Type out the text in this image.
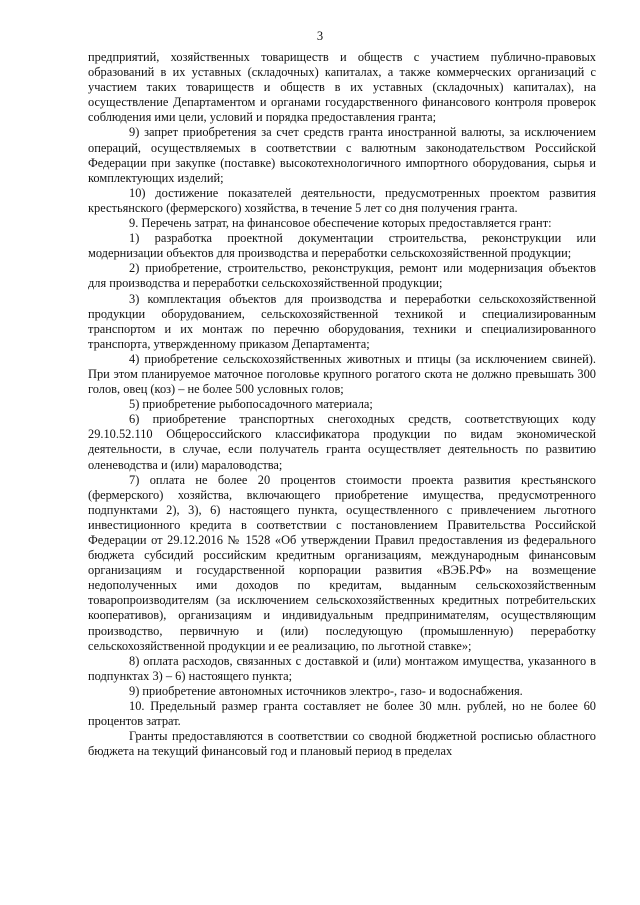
3

предприятий, хозяйственных товариществ и обществ с участием публично-правовых образований в их уставных (складочных) капиталах, а также коммерческих организаций с участием таких товариществ и обществ в их уставных (складочных) капиталах), на осуществление Департаментом и органами государственного финансового контроля проверок соблюдения ими цели, условий и порядка предоставления гранта;

9) запрет приобретения за счет средств гранта иностранной валюты, за исключением операций, осуществляемых в соответствии с валютным законодательством Российской Федерации при закупке (поставке) высокотехнологичного импортного оборудования, сырья и комплектующих изделий;

10) достижение показателей деятельности, предусмотренных проектом развития крестьянского (фермерского) хозяйства, в течение 5 лет со дня получения гранта.

9. Перечень затрат, на финансовое обеспечение которых предоставляется грант:

1) разработка проектной документации строительства, реконструкции или модернизации объектов для производства и переработки сельскохозяйственной продукции;

2) приобретение, строительство, реконструкция, ремонт или модернизация объектов для производства и переработки сельскохозяйственной продукции;

3) комплектация объектов для производства и переработки сельскохозяйственной продукции оборудованием, сельскохозяйственной техникой и специализированным транспортом и их монтаж по перечню оборудования, техники и специализированного транспорта, утвержденному приказом Департамента;

4) приобретение сельскохозяйственных животных и птицы (за исключением свиней). При этом планируемое маточное поголовье крупного рогатого скота не должно превышать 300 голов, овец (коз) – не более 500 условных голов;

5) приобретение рыбопосадочного материала;

6) приобретение транспортных снегоходных средств, соответствующих коду 29.10.52.110 Общероссийского классификатора продукции по видам экономической деятельности, в случае, если получатель гранта осуществляет деятельность по развитию оленеводства и (или) мараловодства;

7) оплата не более 20 процентов стоимости проекта развития крестьянского (фермерского) хозяйства, включающего приобретение имущества, предусмотренного подпунктами 2), 3), 6) настоящего пункта, осуществленного с привлечением льготного инвестиционного кредита в соответствии с постановлением Правительства Российской Федерации от 29.12.2016 № 1528 «Об утверждении Правил предоставления из федерального бюджета субсидий российским кредитным организациям, международным финансовым организациям и государственной корпорации развития «ВЭБ.РФ» на возмещение недополученных ими доходов по кредитам, выданным сельскохозяйственным товаропроизводителям (за исключением сельскохозяйственных кредитных потребительских кооперативов), организациям и индивидуальным предпринимателям, осуществляющим производство, первичную и (или) последующую (промышленную) переработку сельскохозяйственной продукции и ее реализацию, по льготной ставке»;

8) оплата расходов, связанных с доставкой и (или) монтажом имущества, указанного в подпунктах 3) – 6) настоящего пункта;

9) приобретение автономных источников электро-, газо- и водоснабжения.

10. Предельный размер гранта составляет не более 30 млн. рублей, но не более 60 процентов затрат.

Гранты предоставляются в соответствии со сводной бюджетной росписью областного бюджета на текущий финансовый год и плановый период в пределах
